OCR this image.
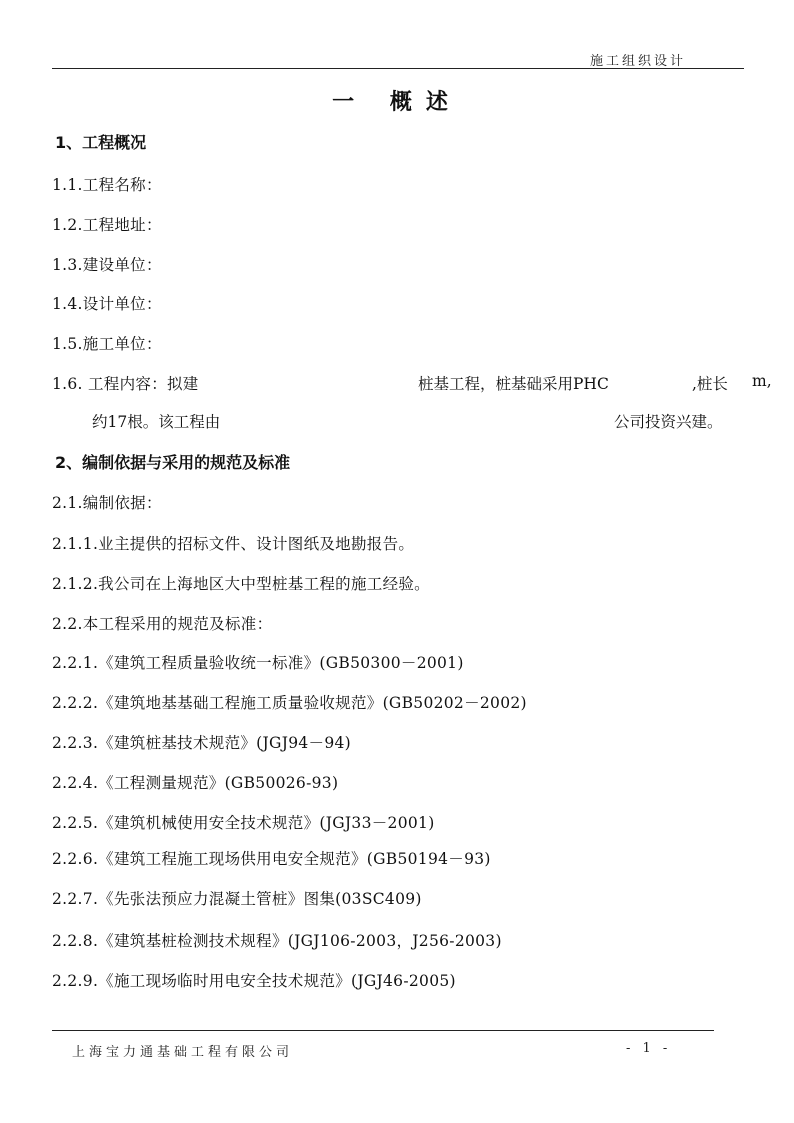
施工组织设计
一 概述
1、工程概况
1.1.工程名称：
1.2.工程地址：
1.3.建设单位：
1.4.设计单位：
1.5.施工单位：
1.6. 工程内容：拟建	桩基工程，桩基础采用PHC	,桩长 m,
约17根。该工程由	公司投资兴建。
2、编制依据与采用的规范及标准
2.1.编制依据：
2.1.1.业主提供的招标文件、设计图纸及地勘报告。
2.1.2.我公司在上海地区大中型桩基工程的施工经验。
2.2.本工程采用的规范及标准：
2.2.1.《建筑工程质量验收统一标准》(GB50300－2001)
2.2.2.《建筑地基基础工程施工质量验收规范》(GB50202－2002)
2.2.3.《建筑桩基技术规范》(JGJ94－94)
2.2.4.《工程测量规范》(GB50026-93)
2.2.5.《建筑机械使用安全技术规范》(JGJ33－2001)
2.2.6.《建筑工程施工现场供用电安全规范》(GB50194－93)
2.2.7.《先张法预应力混凝土管桩》图集(03SC409)
2.2.8.《建筑基桩检测技术规程》(JGJ106-2003，J256-2003)
2.2.9.《施工现场临时用电安全技术规范》(JGJ46-2005)
上海宝力通基础工程有限公司	- 1 -
